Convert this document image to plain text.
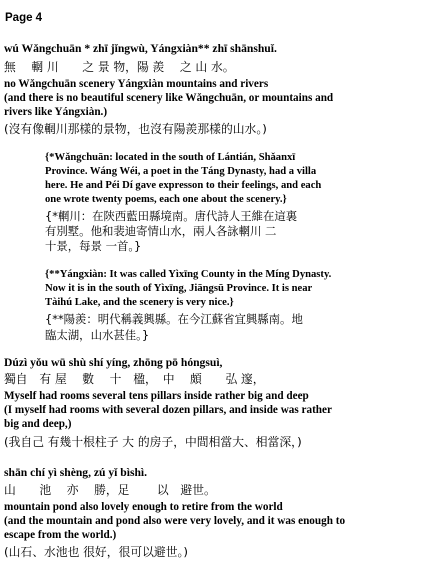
Page 4
wú Wǎngchuān * zhī jǐngwù, Yángxiàn** zhī shānshuǐ.
無　 輞 川　　之 景 物，陽 羨　 之 山 水。
no Wǎngchuān scenery Yángxiàn mountains and rivers
(and there is no beautiful scenery like Wǎngchuān, or mountains and
rivers like Yángxiàn.)
(沒有像輞川那樣的景物，也沒有陽羨那樣的山水。)
{*Wǎngchuān: located in the south of Lántián, Shǎanxī
Province. Wáng Wéi, a poet in the Táng Dynasty, had a villa
here. He and Péi Dí gave expresson to their feelings, and each
one wrote twenty poems, each one about the scenery.}
{*輞川：在陝西藍田縣境南。唐代詩人王維在這裏
有別墅。他和裴迪寄情山水，兩人各詠輞川 二
十景，每景 一首。}
{**Yángxiàn: It was called Yìxīng County in the Míng Dynasty.
Now it is in the south of Yìxīng, Jiāngsū Province. It is near
Tàihú Lake, and the scenery is very nice.}
{**陽羨：明代稱義興縣。在今江蘇省宜興縣南。地
臨太湖，山水甚佳。}
Dúzì yǒu wū shù shí yíng, zhōng pō hóngsuì,
獨自　有 屋　 數　 十　楹，　中　 頗　　弘 邃，
Myself had rooms several tens pillars inside rather big and deep
(I myself had rooms with several dozen pillars, and inside was rather
big and deep,)
(我自己 有幾十根柱子 大 的房子，中間相當大、相當深，)
shān chí yì shèng, zú yǐ bìshì.
山　　池　 亦　 勝，足　　 以　避世。
mountain pond also lovely enough to retire from the world
(and the mountain and pond also were very lovely, and it was enough to
escape from the world.)
(山石、水池也 很好，很可以避世。)
